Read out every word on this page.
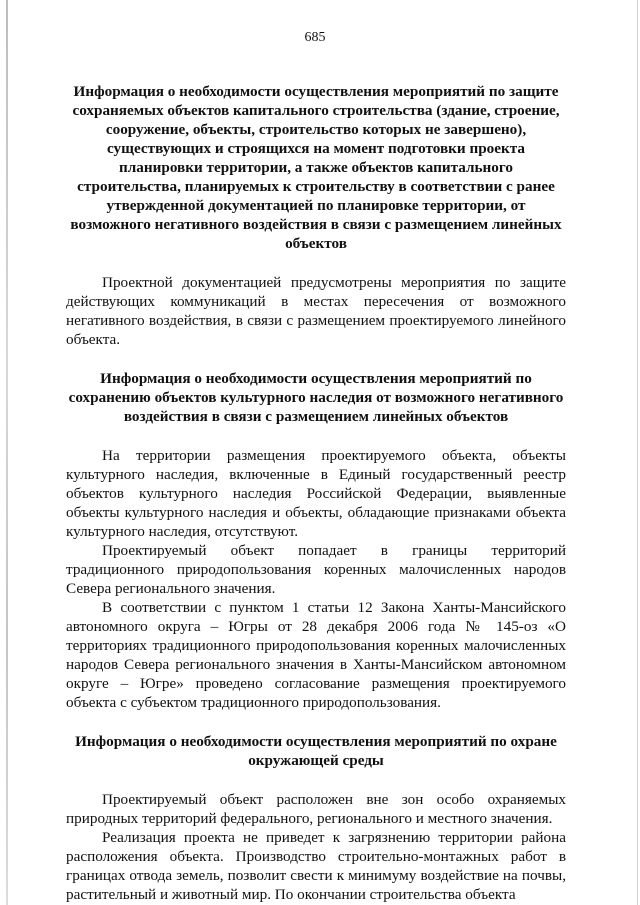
685
Информация о необходимости осуществления мероприятий по защите сохраняемых объектов капитального строительства (здание, строение, сооружение, объекты, строительство которых не завершено), существующих и строящихся на момент подготовки проекта планировки территории, а также объектов капитального строительства, планируемых к строительству в соответствии с ранее утвержденной документацией по планировке территории, от возможного негативного воздействия в связи с размещением линейных объектов

Проектной документацией предусмотрены мероприятия по защите действующих коммуникаций в местах пересечения от возможного негативного воздействия, в связи с размещением проектируемого линейного объекта.

Информация о необходимости осуществления мероприятий по сохранению объектов культурного наследия от возможного негативного воздействия в связи с размещением линейных объектов

На территории размещения проектируемого объекта, объекты культурного наследия, включенные в Единый государственный реестр объектов культурного наследия Российской Федерации, выявленные объекты культурного наследия и объекты, обладающие признаками объекта культурного наследия, отсутствуют.

Проектируемый объект попадает в границы территорий традиционного природопользования коренных малочисленных народов Севера регионального значения.

В соответствии с пунктом 1 статьи 12 Закона Ханты-Мансийского автономного округа – Югры от 28 декабря 2006 года № 145-оз «О территориях традиционного природопользования коренных малочисленных народов Севера регионального значения в Ханты-Мансийском автономном округе – Югре» проведено согласование размещения проектируемого объекта с субъектом традиционного природопользования.

Информация о необходимости осуществления мероприятий по охране окружающей среды

Проектируемый объект расположен вне зон особо охраняемых природных территорий федерального, регионального и местного значения.

Реализация проекта не приведет к загрязнению территории района расположения объекта. Производство строительно-монтажных работ в границах отвода земель, позволит свести к минимуму воздействие на почвы, растительный и животный мир. По окончании строительства объекта
